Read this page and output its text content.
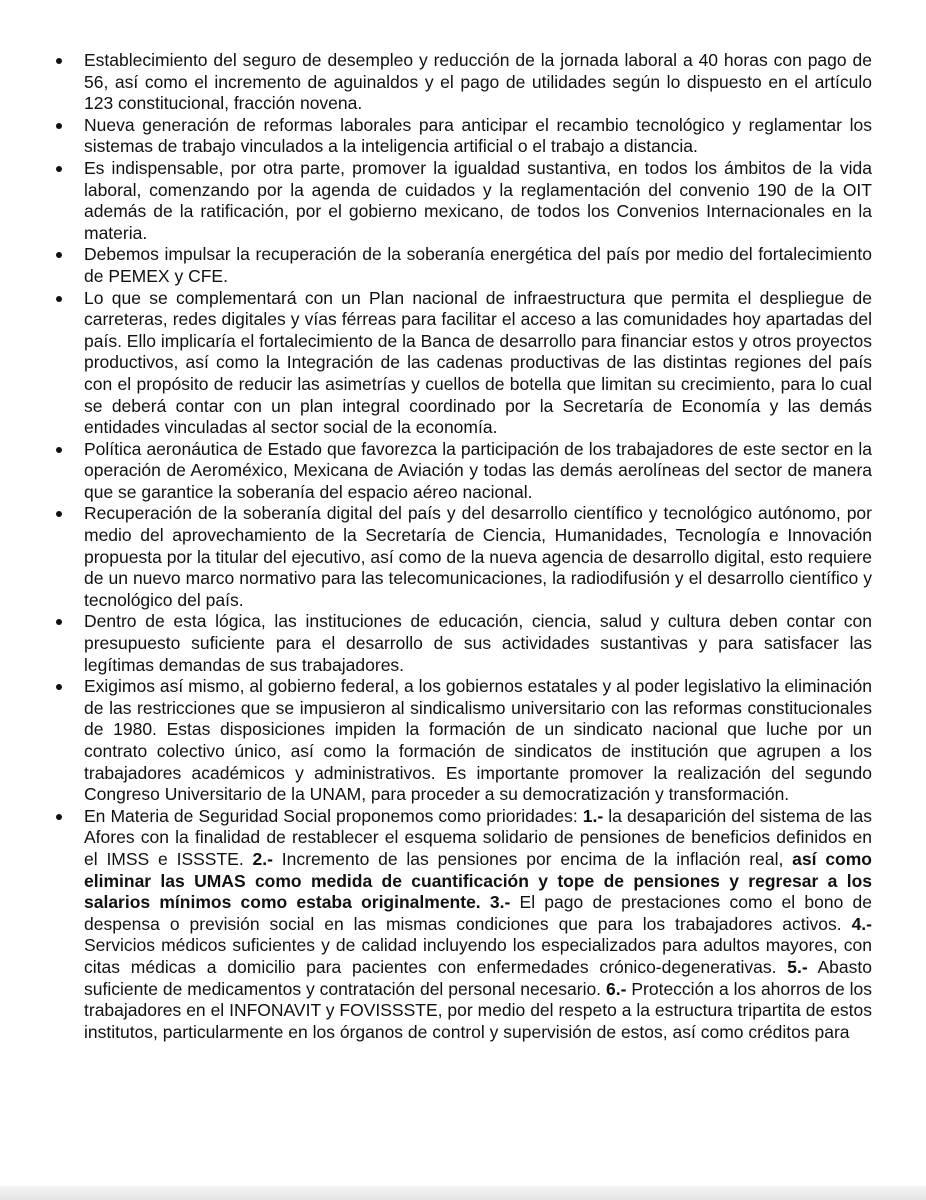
Establecimiento del seguro de desempleo y reducción de la jornada laboral a 40 horas con pago de 56, así como el incremento de aguinaldos y el pago de utilidades según lo dispuesto en el artículo 123 constitucional, fracción novena.
Nueva generación de reformas laborales para anticipar el recambio tecnológico y reglamentar los sistemas de trabajo vinculados a la inteligencia artificial o el trabajo a distancia.
Es indispensable, por otra parte, promover la igualdad sustantiva, en todos los ámbitos de la vida laboral, comenzando por la agenda de cuidados y la reglamentación del convenio 190 de la OIT además de la ratificación, por el gobierno mexicano, de todos los Convenios Internacionales en la materia.
Debemos impulsar la recuperación de la soberanía energética del país por medio del fortalecimiento de PEMEX y CFE.
Lo que se complementará con un Plan nacional de infraestructura que permita el despliegue de carreteras, redes digitales y vías férreas para facilitar el acceso a las comunidades hoy apartadas del país. Ello implicaría el fortalecimiento de la Banca de desarrollo para financiar estos y otros proyectos productivos, así como la Integración de las cadenas productivas de las distintas regiones del país con el propósito de reducir las asimetrías y cuellos de botella que limitan su crecimiento, para lo cual se deberá contar con un plan integral coordinado por la Secretaría de Economía y las demás entidades vinculadas al sector social de la economía.
Política aeronáutica de Estado que favorezca la participación de los trabajadores de este sector en la operación de Aeroméxico, Mexicana de Aviación y todas las demás aerolíneas del sector de manera que se garantice la soberanía del espacio aéreo nacional.
Recuperación de la soberanía digital del país y del desarrollo científico y tecnológico autónomo, por medio del aprovechamiento de la Secretaría de Ciencia, Humanidades, Tecnología e Innovación propuesta por la titular del ejecutivo, así como de la nueva agencia de desarrollo digital, esto requiere de un nuevo marco normativo para las telecomunicaciones, la radiodifusión y el desarrollo científico y tecnológico del país.
Dentro de esta lógica, las instituciones de educación, ciencia, salud y cultura deben contar con presupuesto suficiente para el desarrollo de sus actividades sustantivas y para satisfacer las legítimas demandas de sus trabajadores.
Exigimos así mismo, al gobierno federal, a los gobiernos estatales y al poder legislativo la eliminación de las restricciones que se impusieron al sindicalismo universitario con las reformas constitucionales de 1980. Estas disposiciones impiden la formación de un sindicato nacional que luche por un contrato colectivo único, así como la formación de sindicatos de institución que agrupen a los trabajadores académicos y administrativos. Es importante promover la realización del segundo Congreso Universitario de la UNAM, para proceder a su democratización y transformación.
En Materia de Seguridad Social proponemos como prioridades: 1.- la desaparición del sistema de las Afores con la finalidad de restablecer el esquema solidario de pensiones de beneficios definidos en el IMSS e ISSSTE. 2.- Incremento de las pensiones por encima de la inflación real, así como eliminar las UMAS como medida de cuantificación y tope de pensiones y regresar a los salarios mínimos como estaba originalmente. 3.- El pago de prestaciones como el bono de despensa o previsión social en las mismas condiciones que para los trabajadores activos. 4.- Servicios médicos suficientes y de calidad incluyendo los especializados para adultos mayores, con citas médicas a domicilio para pacientes con enfermedades crónico-degenerativas. 5.- Abasto suficiente de medicamentos y contratación del personal necesario. 6.- Protección a los ahorros de los trabajadores en el INFONAVIT y FOVISSSTE, por medio del respeto a la estructura tripartita de estos institutos, particularmente en los órganos de control y supervisión de estos, así como créditos para
